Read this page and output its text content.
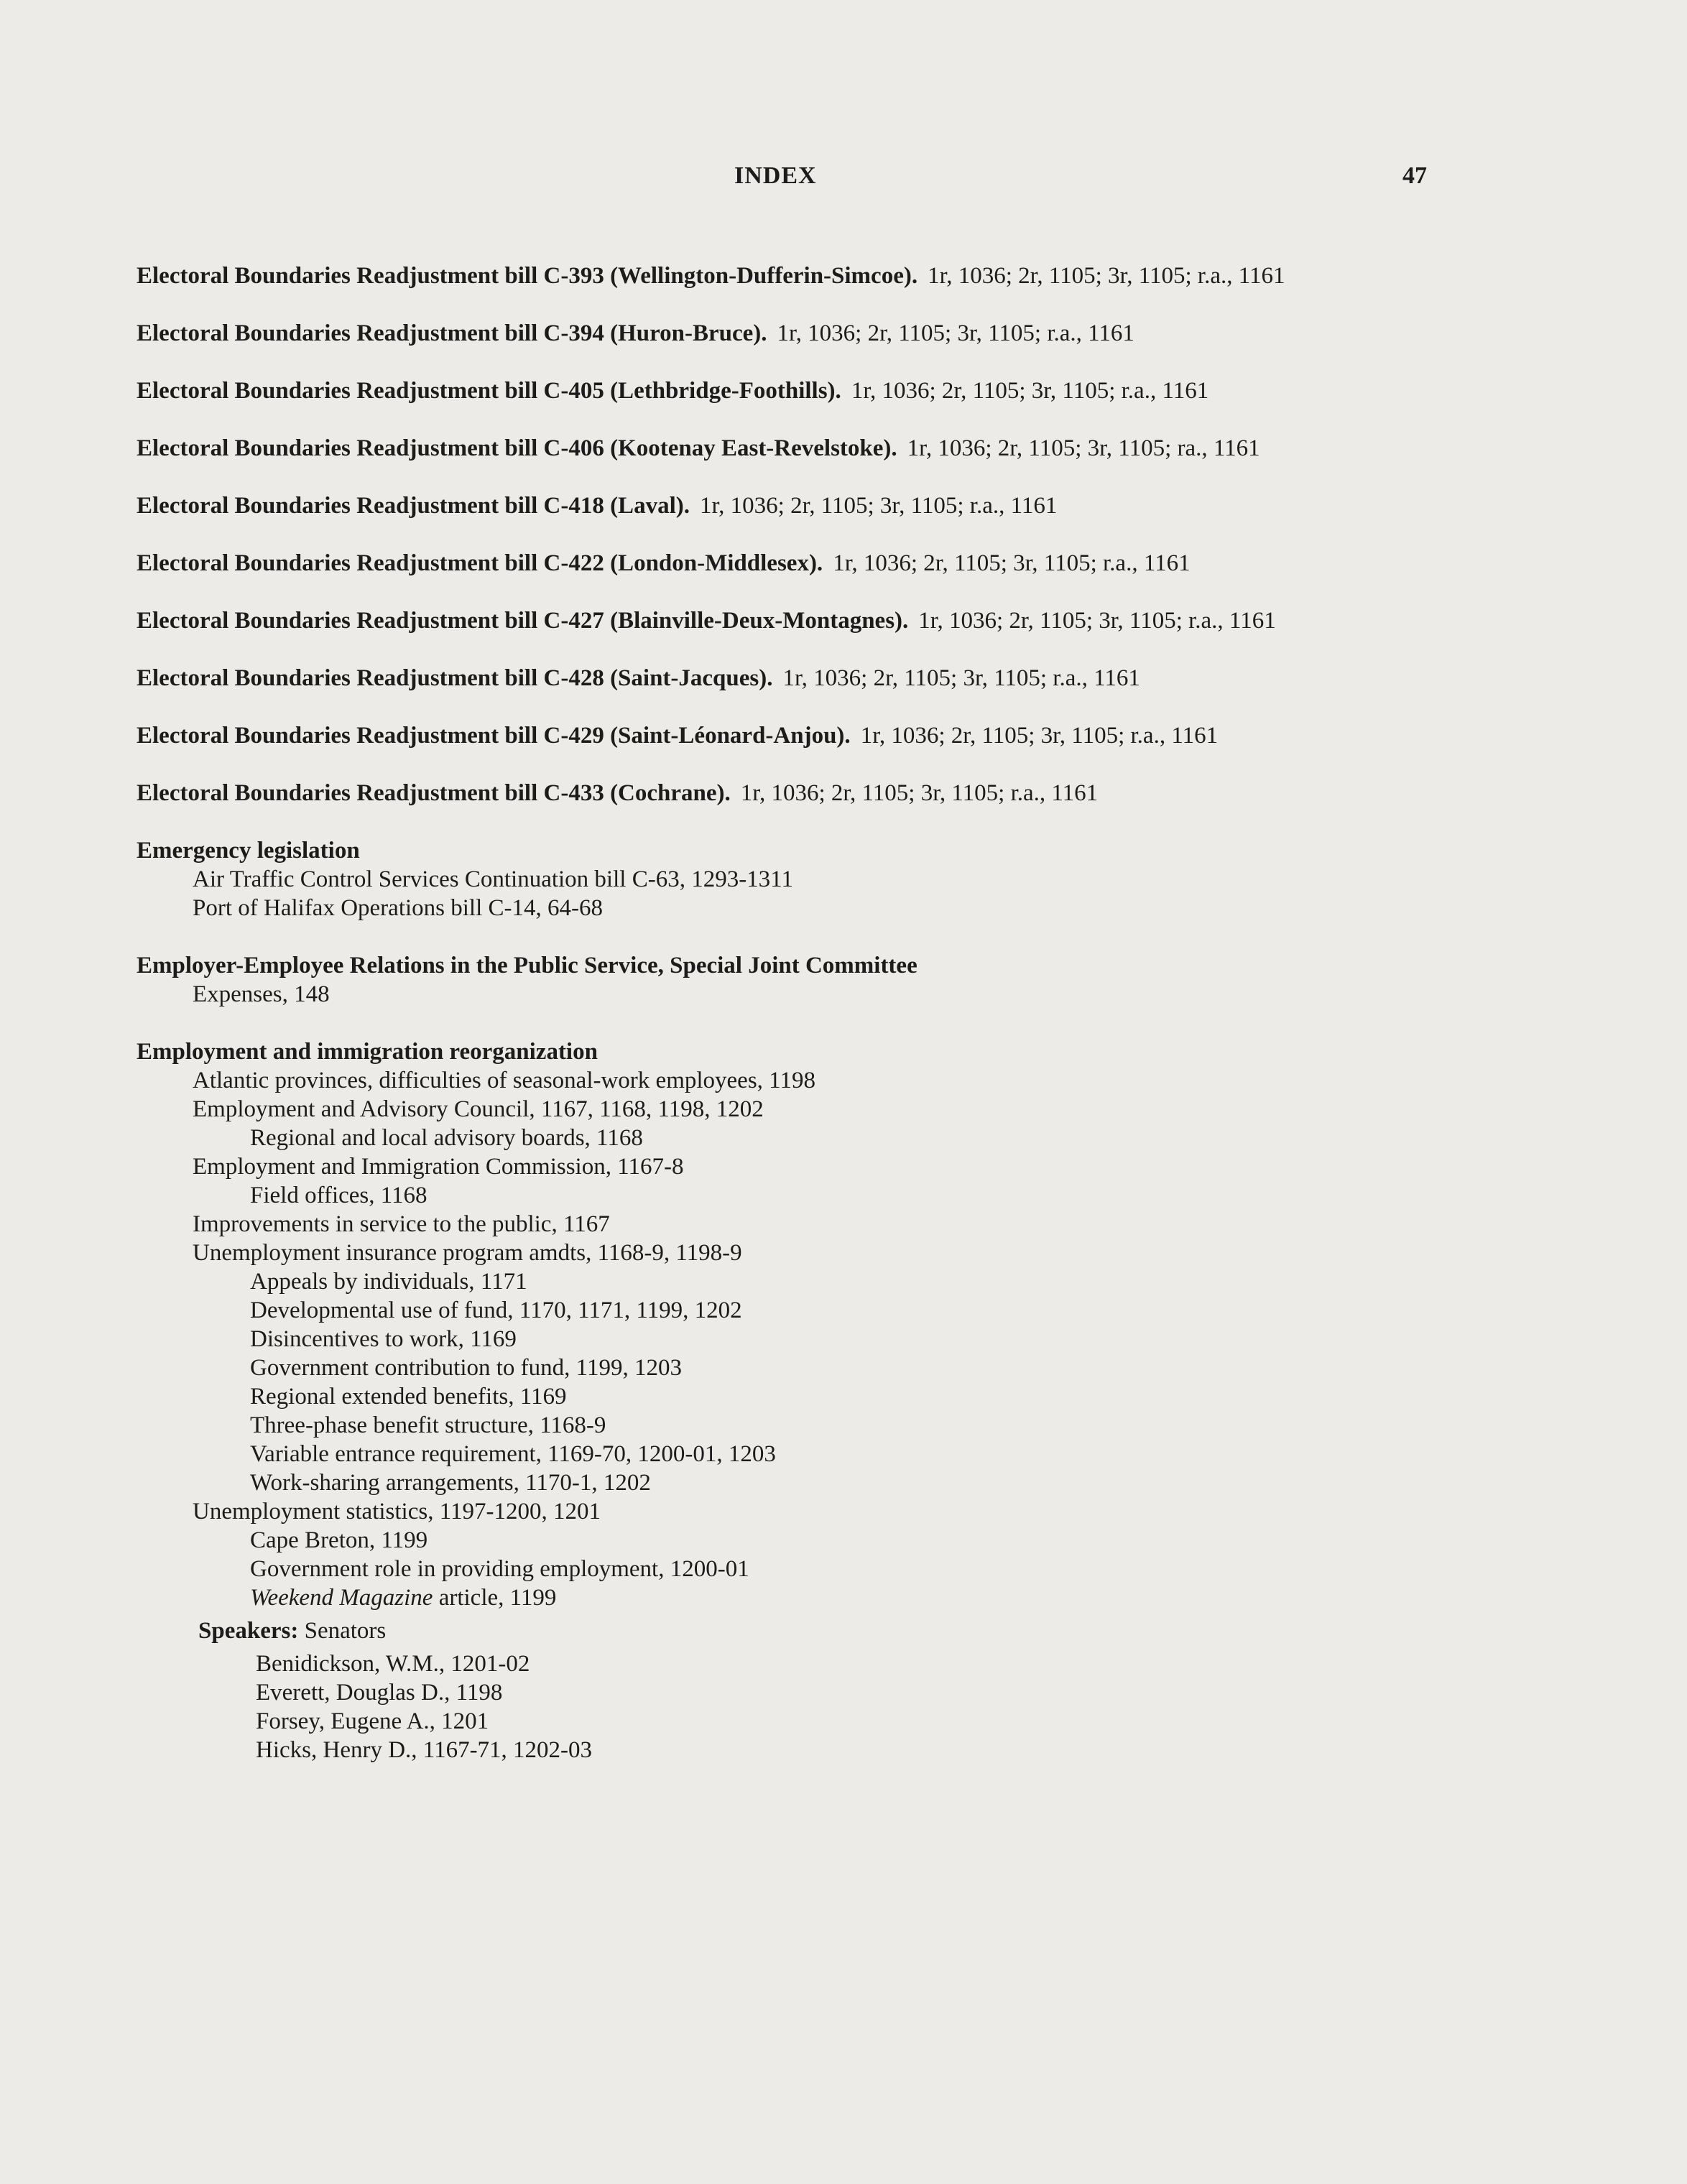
INDEX	47
Electoral Boundaries Readjustment bill C-393 (Wellington-Dufferin-Simcoe). 1r, 1036; 2r, 1105; 3r, 1105; r.a., 1161
Electoral Boundaries Readjustment bill C-394 (Huron-Bruce). 1r, 1036; 2r, 1105; 3r, 1105; r.a., 1161
Electoral Boundaries Readjustment bill C-405 (Lethbridge-Foothills). 1r, 1036; 2r, 1105; 3r, 1105; r.a., 1161
Electoral Boundaries Readjustment bill C-406 (Kootenay East-Revelstoke). 1r, 1036; 2r, 1105; 3r, 1105; ra., 1161
Electoral Boundaries Readjustment bill C-418 (Laval). 1r, 1036; 2r, 1105; 3r, 1105; r.a., 1161
Electoral Boundaries Readjustment bill C-422 (London-Middlesex). 1r, 1036; 2r, 1105; 3r, 1105; r.a., 1161
Electoral Boundaries Readjustment bill C-427 (Blainville-Deux-Montagnes). 1r, 1036; 2r, 1105; 3r, 1105; r.a., 1161
Electoral Boundaries Readjustment bill C-428 (Saint-Jacques). 1r, 1036; 2r, 1105; 3r, 1105; r.a., 1161
Electoral Boundaries Readjustment bill C-429 (Saint-Léonard-Anjou). 1r, 1036; 2r, 1105; 3r, 1105; r.a., 1161
Electoral Boundaries Readjustment bill C-433 (Cochrane). 1r, 1036; 2r, 1105; 3r, 1105; r.a., 1161
Emergency legislation
Air Traffic Control Services Continuation bill C-63, 1293-1311
Port of Halifax Operations bill C-14, 64-68
Employer-Employee Relations in the Public Service, Special Joint Committee
Expenses, 148
Employment and immigration reorganization
Atlantic provinces, difficulties of seasonal-work employees, 1198
Employment and Advisory Council, 1167, 1168, 1198, 1202
Regional and local advisory boards, 1168
Employment and Immigration Commission, 1167-8
Field offices, 1168
Improvements in service to the public, 1167
Unemployment insurance program amdts, 1168-9, 1198-9
Appeals by individuals, 1171
Developmental use of fund, 1170, 1171, 1199, 1202
Disincentives to work, 1169
Government contribution to fund, 1199, 1203
Regional extended benefits, 1169
Three-phase benefit structure, 1168-9
Variable entrance requirement, 1169-70, 1200-01, 1203
Work-sharing arrangements, 1170-1, 1202
Unemployment statistics, 1197-1200, 1201
Cape Breton, 1199
Government role in providing employment, 1200-01
Weekend Magazine article, 1199
Speakers: Senators
Benidickson, W.M., 1201-02
Everett, Douglas D., 1198
Forsey, Eugene A., 1201
Hicks, Henry D., 1167-71, 1202-03
